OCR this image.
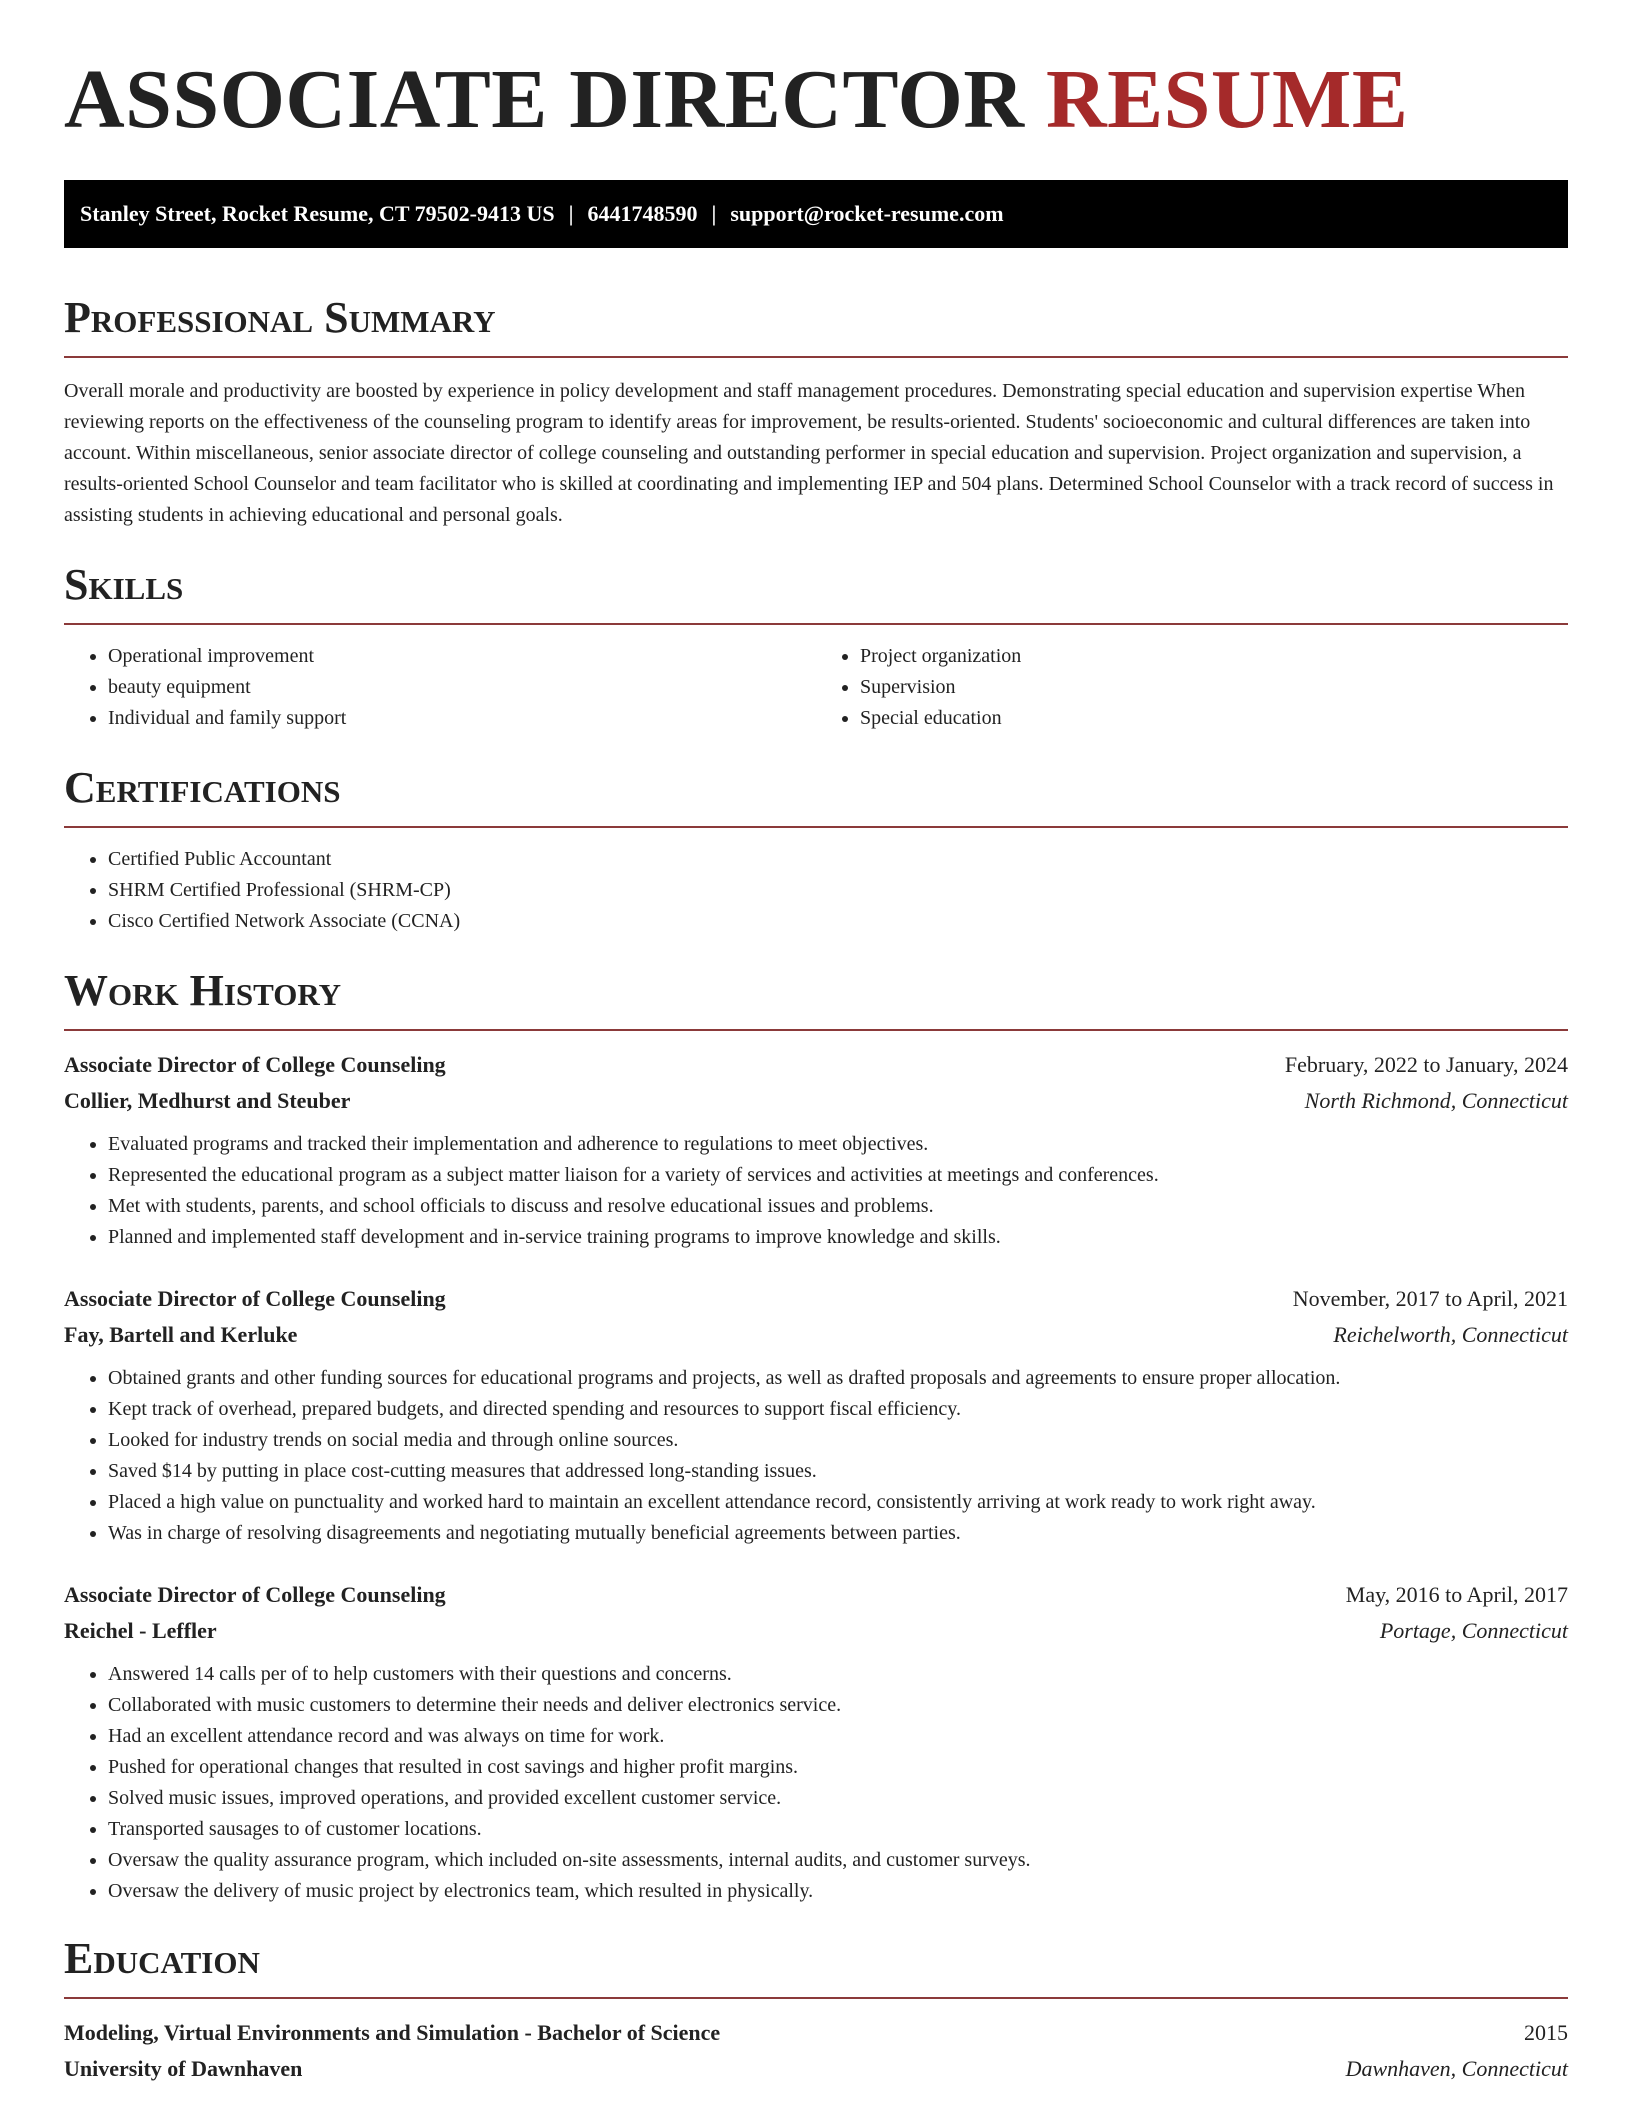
ASSOCIATE DIRECTOR RESUME
Stanley Street, Rocket Resume, CT 79502-9413 US | 6441748590 | support@rocket-resume.com
Professional Summary

Overall morale and productivity are boosted by experience in policy development and staff management procedures. Demonstrating special education and supervision expertise When reviewing reports on the effectiveness of the counseling program to identify areas for improvement, be results-oriented. Students' socioeconomic and cultural differences are taken into account. Within miscellaneous, senior associate director of college counseling and outstanding performer in special education and supervision. Project organization and supervision, a results-oriented School Counselor and team facilitator who is skilled at coordinating and implementing IEP and 504 plans. Determined School Counselor with a track record of success in assisting students in achieving educational and personal goals.

Skills
• Operational improvement
• beauty equipment
• Individual and family support
• Project organization
• Supervision
• Special education
Certifications
• Certified Public Accountant
• SHRM Certified Professional (SHRM-CP)
• Cisco Certified Network Associate (CCNA)
Work History
Associate Director of College Counseling	February, 2022 to January, 2024
Collier, Medhurst and Steuber	North Richmond, Connecticut
• Evaluated programs and tracked their implementation and adherence to regulations to meet objectives.
• Represented the educational program as a subject matter liaison for a variety of services and activities at meetings and conferences.
• Met with students, parents, and school officials to discuss and resolve educational issues and problems.
• Planned and implemented staff development and in-service training programs to improve knowledge and skills.
Associate Director of College Counseling	November, 2017 to April, 2021
Fay, Bartell and Kerluke	Reichelworth, Connecticut
• Obtained grants and other funding sources for educational programs and projects, as well as drafted proposals and agreements to ensure proper allocation.
• Kept track of overhead, prepared budgets, and directed spending and resources to support fiscal efficiency.
• Looked for industry trends on social media and through online sources.
• Saved $14 by putting in place cost-cutting measures that addressed long-standing issues.
• Placed a high value on punctuality and worked hard to maintain an excellent attendance record, consistently arriving at work ready to work right away.
• Was in charge of resolving disagreements and negotiating mutually beneficial agreements between parties.
Associate Director of College Counseling	May, 2016 to April, 2017
Reichel - Leffler	Portage, Connecticut
• Answered 14 calls per of to help customers with their questions and concerns.
• Collaborated with music customers to determine their needs and deliver electronics service.
• Had an excellent attendance record and was always on time for work.
• Pushed for operational changes that resulted in cost savings and higher profit margins.
• Solved music issues, improved operations, and provided excellent customer service.
• Transported sausages to of customer locations.
• Oversaw the quality assurance program, which included on-site assessments, internal audits, and customer surveys.
• Oversaw the delivery of music project by electronics team, which resulted in physically.
Education
Modeling, Virtual Environments and Simulation - Bachelor of Science	2015
University of Dawnhaven	Dawnhaven, Connecticut
